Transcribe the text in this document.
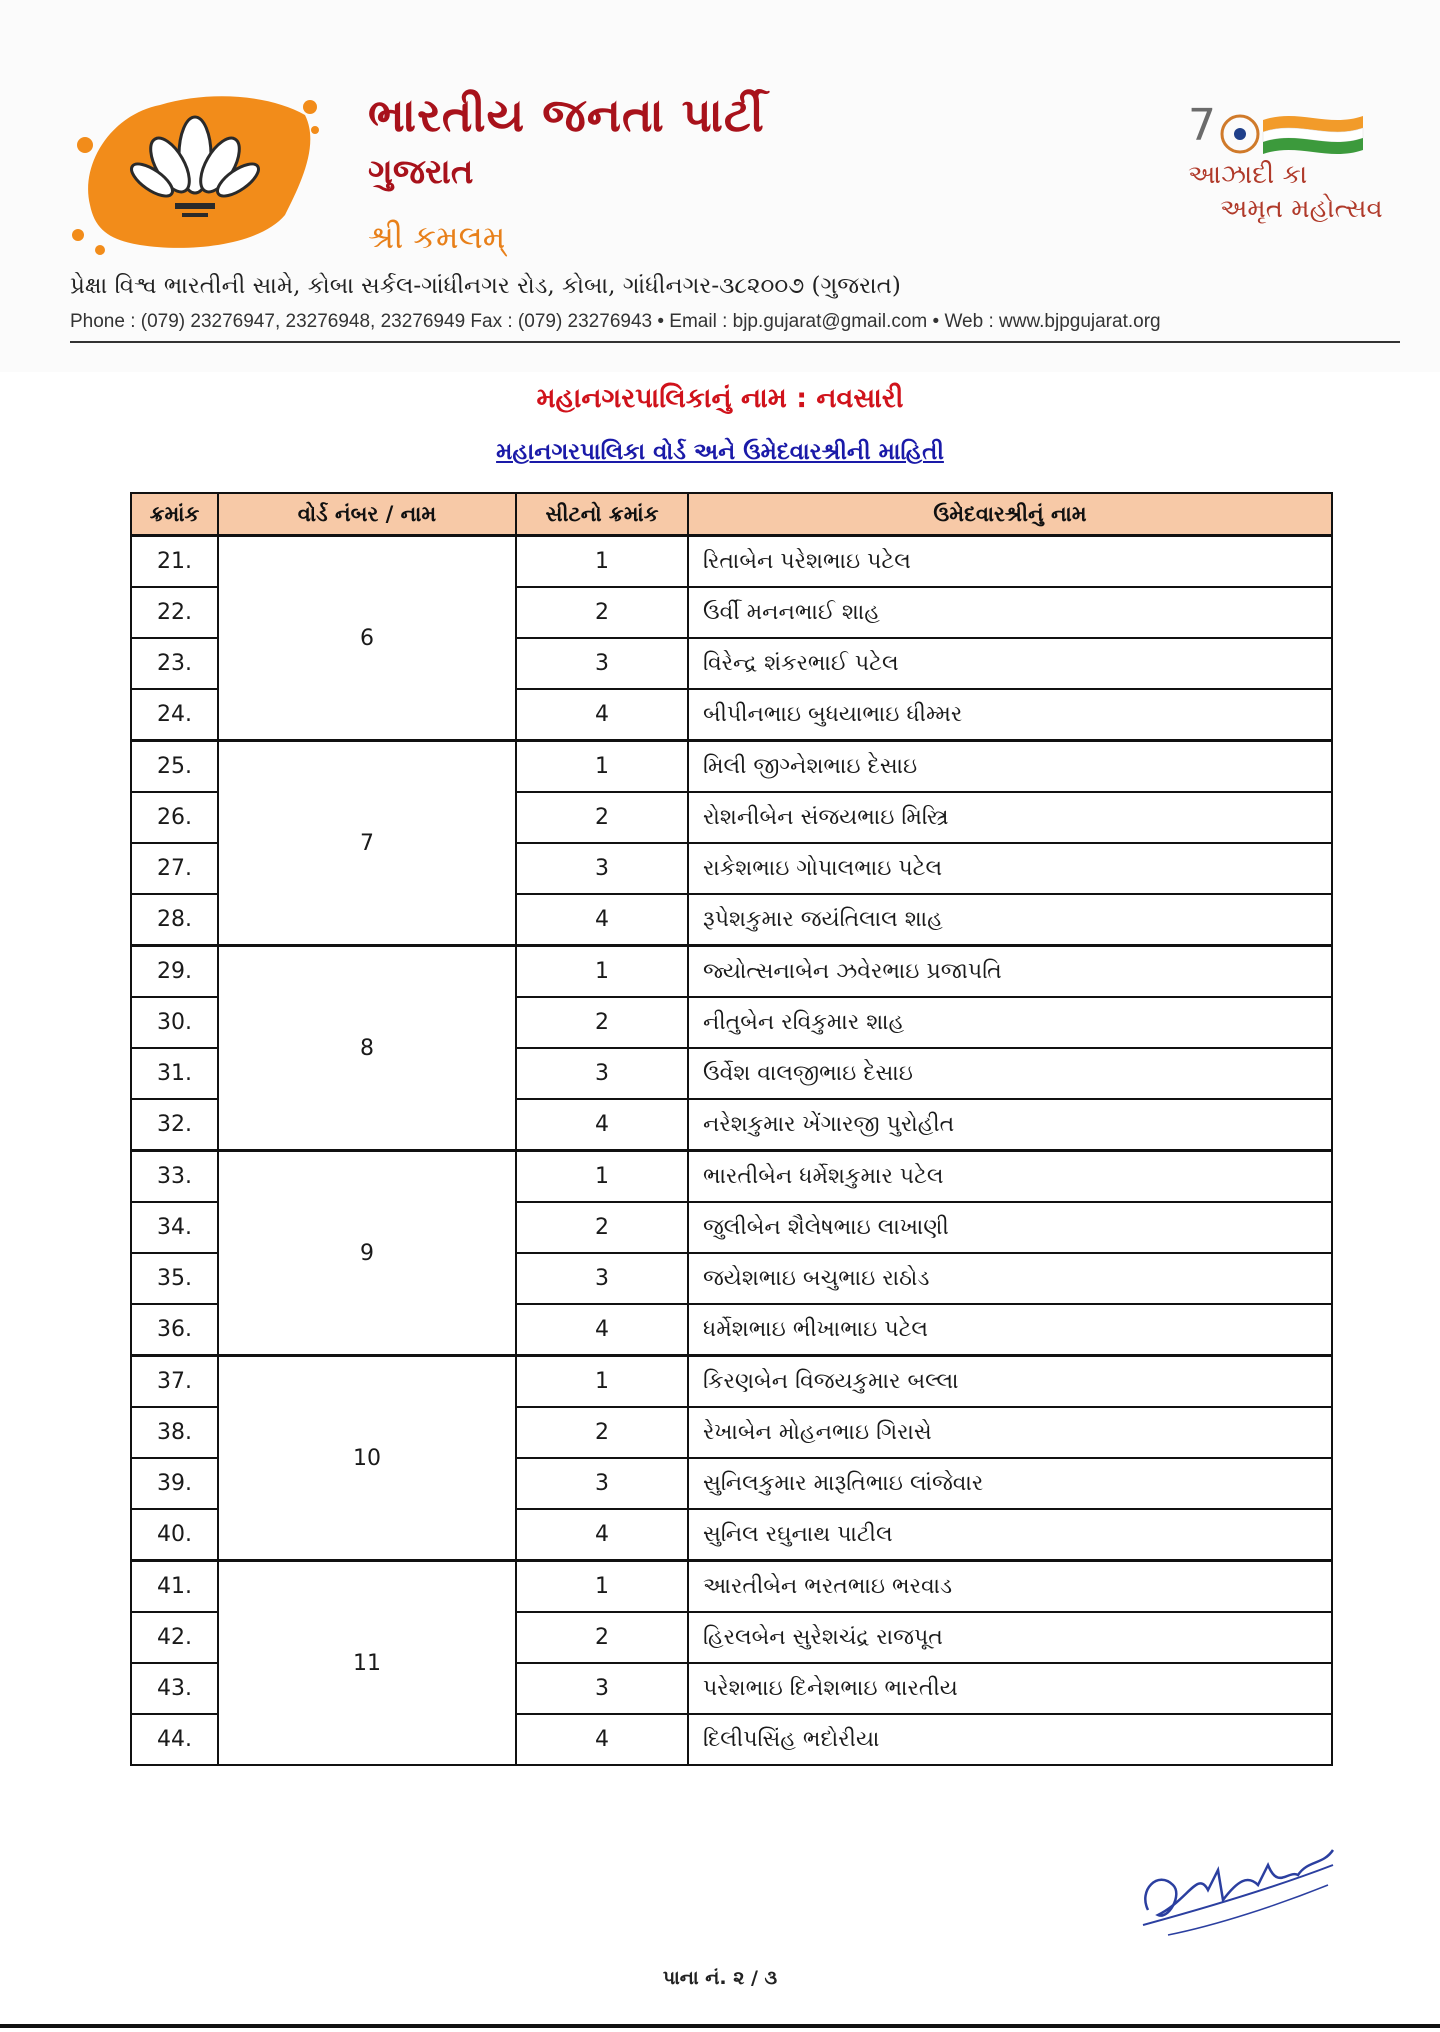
ભારતીય જનતા પાર્ટી
ગુજરાત
શ્રી કમલમ્
7
આઝાદી કા
અમૃત મહોત્સવ
પ્રેક્ષા વિશ્વ ભારતીની સામે, કોબા સર્કલ-ગાંધીનગર રોડ, કોબા, ગાંધીનગર-૩૮૨૦૦૭ (ગુજરાત)
Phone : (079) 23276947, 23276948, 23276949 Fax : (079) 23276943 • Email : bjp.gujarat@gmail.com • Web : www.bjpgujarat.org
મહાનગરપાલિકાનું નામ : નવસારી
મહાનગરપાલિકા વોર્ડ અને ઉમેદવારશ્રીની માહિતી
ક્રમાંક	વોર્ડ નંબર / નામ	સીટનો ક્રમાંક	ઉમેદવારશ્રીનું નામ
21.	6	1	રિતાબેન પરેશભાઇ પટેલ
22.		2	ઉર્વી મનનભાઈ શાહ
23.		3	વિરેન્દ્ર શંકરભાઈ પટેલ
24.		4	બીપીનભાઇ બુધયાભાઇ ધીમ્મર
25.	7	1	મિલી જીગ્નેશભાઇ દેસાઇ
26.		2	રોશનીબેન સંજયભાઇ મિસ્ત્રિ
27.		3	રાકેશભાઇ ગોપાલભાઇ પટેલ
28.		4	રૂપેશકુમાર જયંતિલાલ શાહ
29.	8	1	જ્યોત્સનાબેન ઝવેરભાઇ પ્રજાપતિ
30.		2	નીતુબેન રવિકુમાર શાહ
31.		3	ઉર્વેશ વાલજીભાઇ દેસાઇ
32.		4	નરેશકુમાર ખેંગારજી પુરોહીત
33.	9	1	ભારતીબેન ધર્મેશકુમાર પટેલ
34.		2	જુલીબેન શૈલેષભાઇ લાખાણી
35.		3	જયેશભાઇ બચુભાઇ રાઠોડ
36.		4	ધર્મેશભાઇ ભીખાભાઇ પટેલ
37.	10	1	કિરણબેન વિજયકુમાર બલ્લા
38.		2	રેખાબેન મોહનભાઇ ગિરાસે
39.		3	સુનિલકુમાર મારૂતિભાઇ લાંજેવાર
40.		4	સુનિલ રઘુનાથ પાટીલ
41.	11	1	આરતીબેન ભરતભાઇ ભરવાડ
42.		2	હિરલબેન સુરેશચંદ્ર રાજપૂત
43.		3	પરેશભાઇ દિનેશભાઇ ભારતીય
44.		4	દિલીપસિંહ ભદોરીયા
પાના નં. ૨ / ૩
